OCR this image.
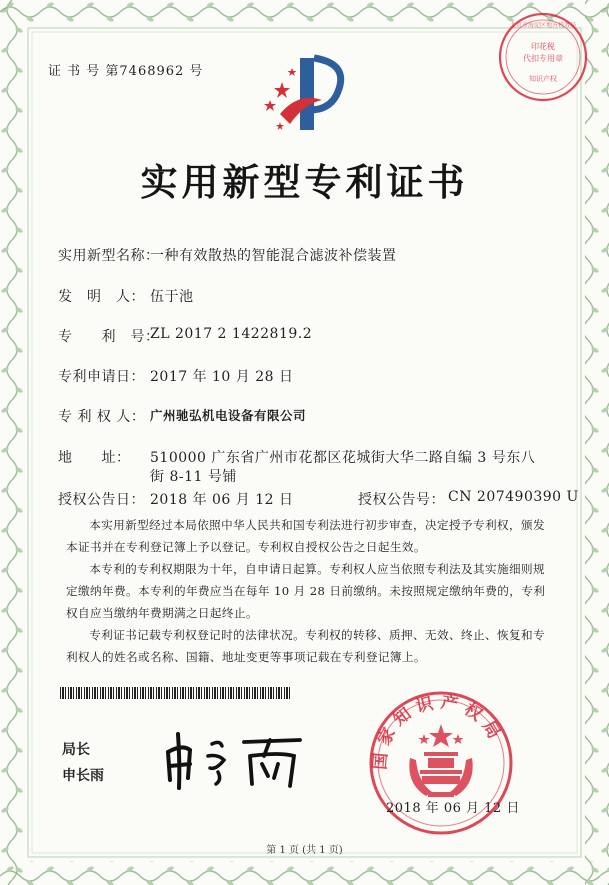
印花税
代扣专用章
知识产权
北京市海淀区地方税务局
证 书 号 第7468962 号
实用新型专利证书
实用新型名称：
一种有效散热的智能混合滤波补偿装置
发　明　人： 伍于池
专　　利　号：
ZL 2017 2 1422819.2
专利申请日： 2017 年 10 月 28 日
专 利 权 人： 广州驰弘机电设备有限公司
地　　址： 510000 广东省广州市花都区花城街大华二路自编 3 号东八
街 8-11 号铺
授权公告日： 2018 年 06 月 12 日	授权公告号： CN 207490390 U
本实用新型经过本局依照中华人民共和国专利法进行初步审查，决定授予专利权，颁发本证书并在专利登记簿上予以登记。专利权自授权公告之日起生效。
本专利的专利权期限为十年，自申请日起算。专利权人应当依照专利法及其实施细则规定缴纳年费。本专利的年费应当在每年 10 月 28 日前缴纳。未按照规定缴纳年费的，专利权自应当缴纳年费期满之日起终止。
专利证书记载专利权登记时的法律状况。专利权的转移、质押、无效、终止、恢复和专利权人的姓名或名称、国籍、地址变更等事项记载在专利登记簿上。
局长
申长雨
国家知识产权局
2018 年 06 月 12 日
第 1 页 (共 1 页)
